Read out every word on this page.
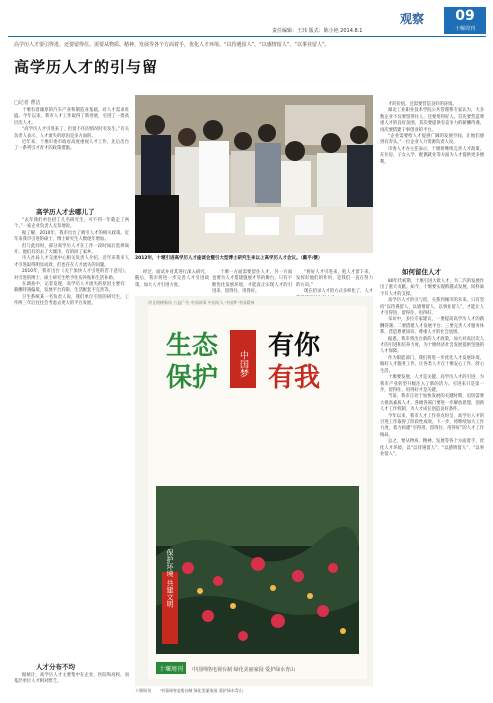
观察	09
责任编辑：王玮 版式：陈小艳 2014.8.1	十堰周刊
高学历人才要引得进、还要留得住。需要从物质、精神、发展等各个方面着手，优化人才环境。“以待遇留人”、“以感情留人”、“以事业留人”。
高学历人才的引与留
□记者 曹洁

十堰有着雄厚的汽车产业和制造业基础，对人才需求旺盛。今年以来，我市人才工作取得了新进展，引进了一批高层次人才。

“高学历人才引进来了，但留不住的情况时有发生。”有关负责人表示，人才流失的原因是多方面的。

近年来，十堰市委市政府高度重视人才工作，先后出台了一系列引才育才的政策措施。

高学历人才去哪儿了

“去年我们单位招了几名研究生，可不到一年就走了两个。”一家企业负责人无奈地说。

据了解，2010年，我市出台了吸引人才的相关政策。近年来我市引进的硕士、博士研究生人数逐年增加。

但与此同时，部分高学历人才在工作一段时间后选择离开。他们有的去了大城市，有的回了家乡。

市人社局人才交流中心相关负责人介绍，近年来我市人才引进取得明显成效，但也存在人才流失的问题。

2010年，我市出台《关于加快人才引进的若干意见》，对引进的博士、硕士研究生给予住房补贴和生活补助。

在调查中，记者发现，高学历人才流失的原因主要有：薪酬待遇偏低，发展平台有限，生活配套不完善等。

卫生系统某一名负责人说，我们单位引进的研究生，工作两三年后往往会考虑去更大的平台发展。

人才分布不均

据统计，高学历人才主要集中在企业、医院和高校，而基层单位人才相对匮乏。

2012年，十堰引进高学历人才座谈会暨引大型博士研究生来以上高学历人才会议。（戴平/摄）

经过、面试并对其进行深入研究，随后，我市将进一步完善人才引进政策，加大人才引进力度。

十堰一方面需要留住人才，另一方面也要为人才搭建施展才华的舞台。只有不断优化发展环境，才能真正实现人才的引进来、留得住、用得好。

“将好人才引进来，把人才留下来，发挥好他们的作用，是我们一直在努力的方向。”

现在招录人才的方式多样化了，人才

讲文明树新风 公益广告 中国网事 中国好人 中国梦 中国精神
生态
保护 中国梦
有你
有我
保护环境 共建文明
十堰周刊 中国网络电视台制 绿化美丽家园 爱护绿水青山

才的价值，还需要营造良好的环境。

湖北工业职业技术学院公共管理系专家认为，大多数企业不仅要留得住人，还要用得好人。首先要营造尊重人才的良好氛围，其次要提供有竞争力的薪酬待遇，再次要搭建干事创业的平台。

“企业需要给人才提供广阔的发展空间，让他们感到有奔头。”一位企业人力资源负责人说。

市委人才办主任表示，十堰将继续完善人才政策，在住房、子女入学、配偶就业等方面为人才提供更多便利。

如何留住人才

80年代初期，十堰引进大批人才，为二汽的发展作出了重大贡献。如今，十堰要实现跨越式发展，同样离不开人才的支撑。

高学历人才的引与留，关系到城市的未来。只有坚持“以待遇留人、以感情留人、以事业留人”，才能让人才引得进、留得住、用得好。

采访中，多位专家建议，一要提高高学历人才的薪酬待遇；二要搭建人才发展平台；三要完善人才服务体系，营造尊重知识、尊重人才的社会氛围。

据悉，我市将出台新的人才政策，加大对高层次人才的引进和培养力度，为十堰经济社会发展提供坚强的人才保障。

作为职能部门，我们将进一步优化人才发展环境，做好人才服务工作，让各类人才在十堰安心工作、舒心生活。

十堰要发展，人才是关键。高学历人才的引进，为我市产业转型升级注入了新的活力。引进来只是第一步，留得住、用得好才是关键。

当前，我市正处于加快发展的关键时期，迫切需要大批高素质人才。各级各部门要进一步解放思想，创新人才工作机制，为人才成长创造良好条件。

今年以来，我市人才工作亮点纷呈，高学历人才的引进工作取得了阶段性成效。下一步，将继续加大工作力度，着力构建“引得进、留得住、用得好”的人才工作格局。

总之，要从物质、精神、发展等各个方面着手，优化人才环境，以“以待遇留人”、“以感情留人”、“以事业留人”。

十堰周刊 中国网络电视台制 绿化美丽家园 爱护绿水青山
